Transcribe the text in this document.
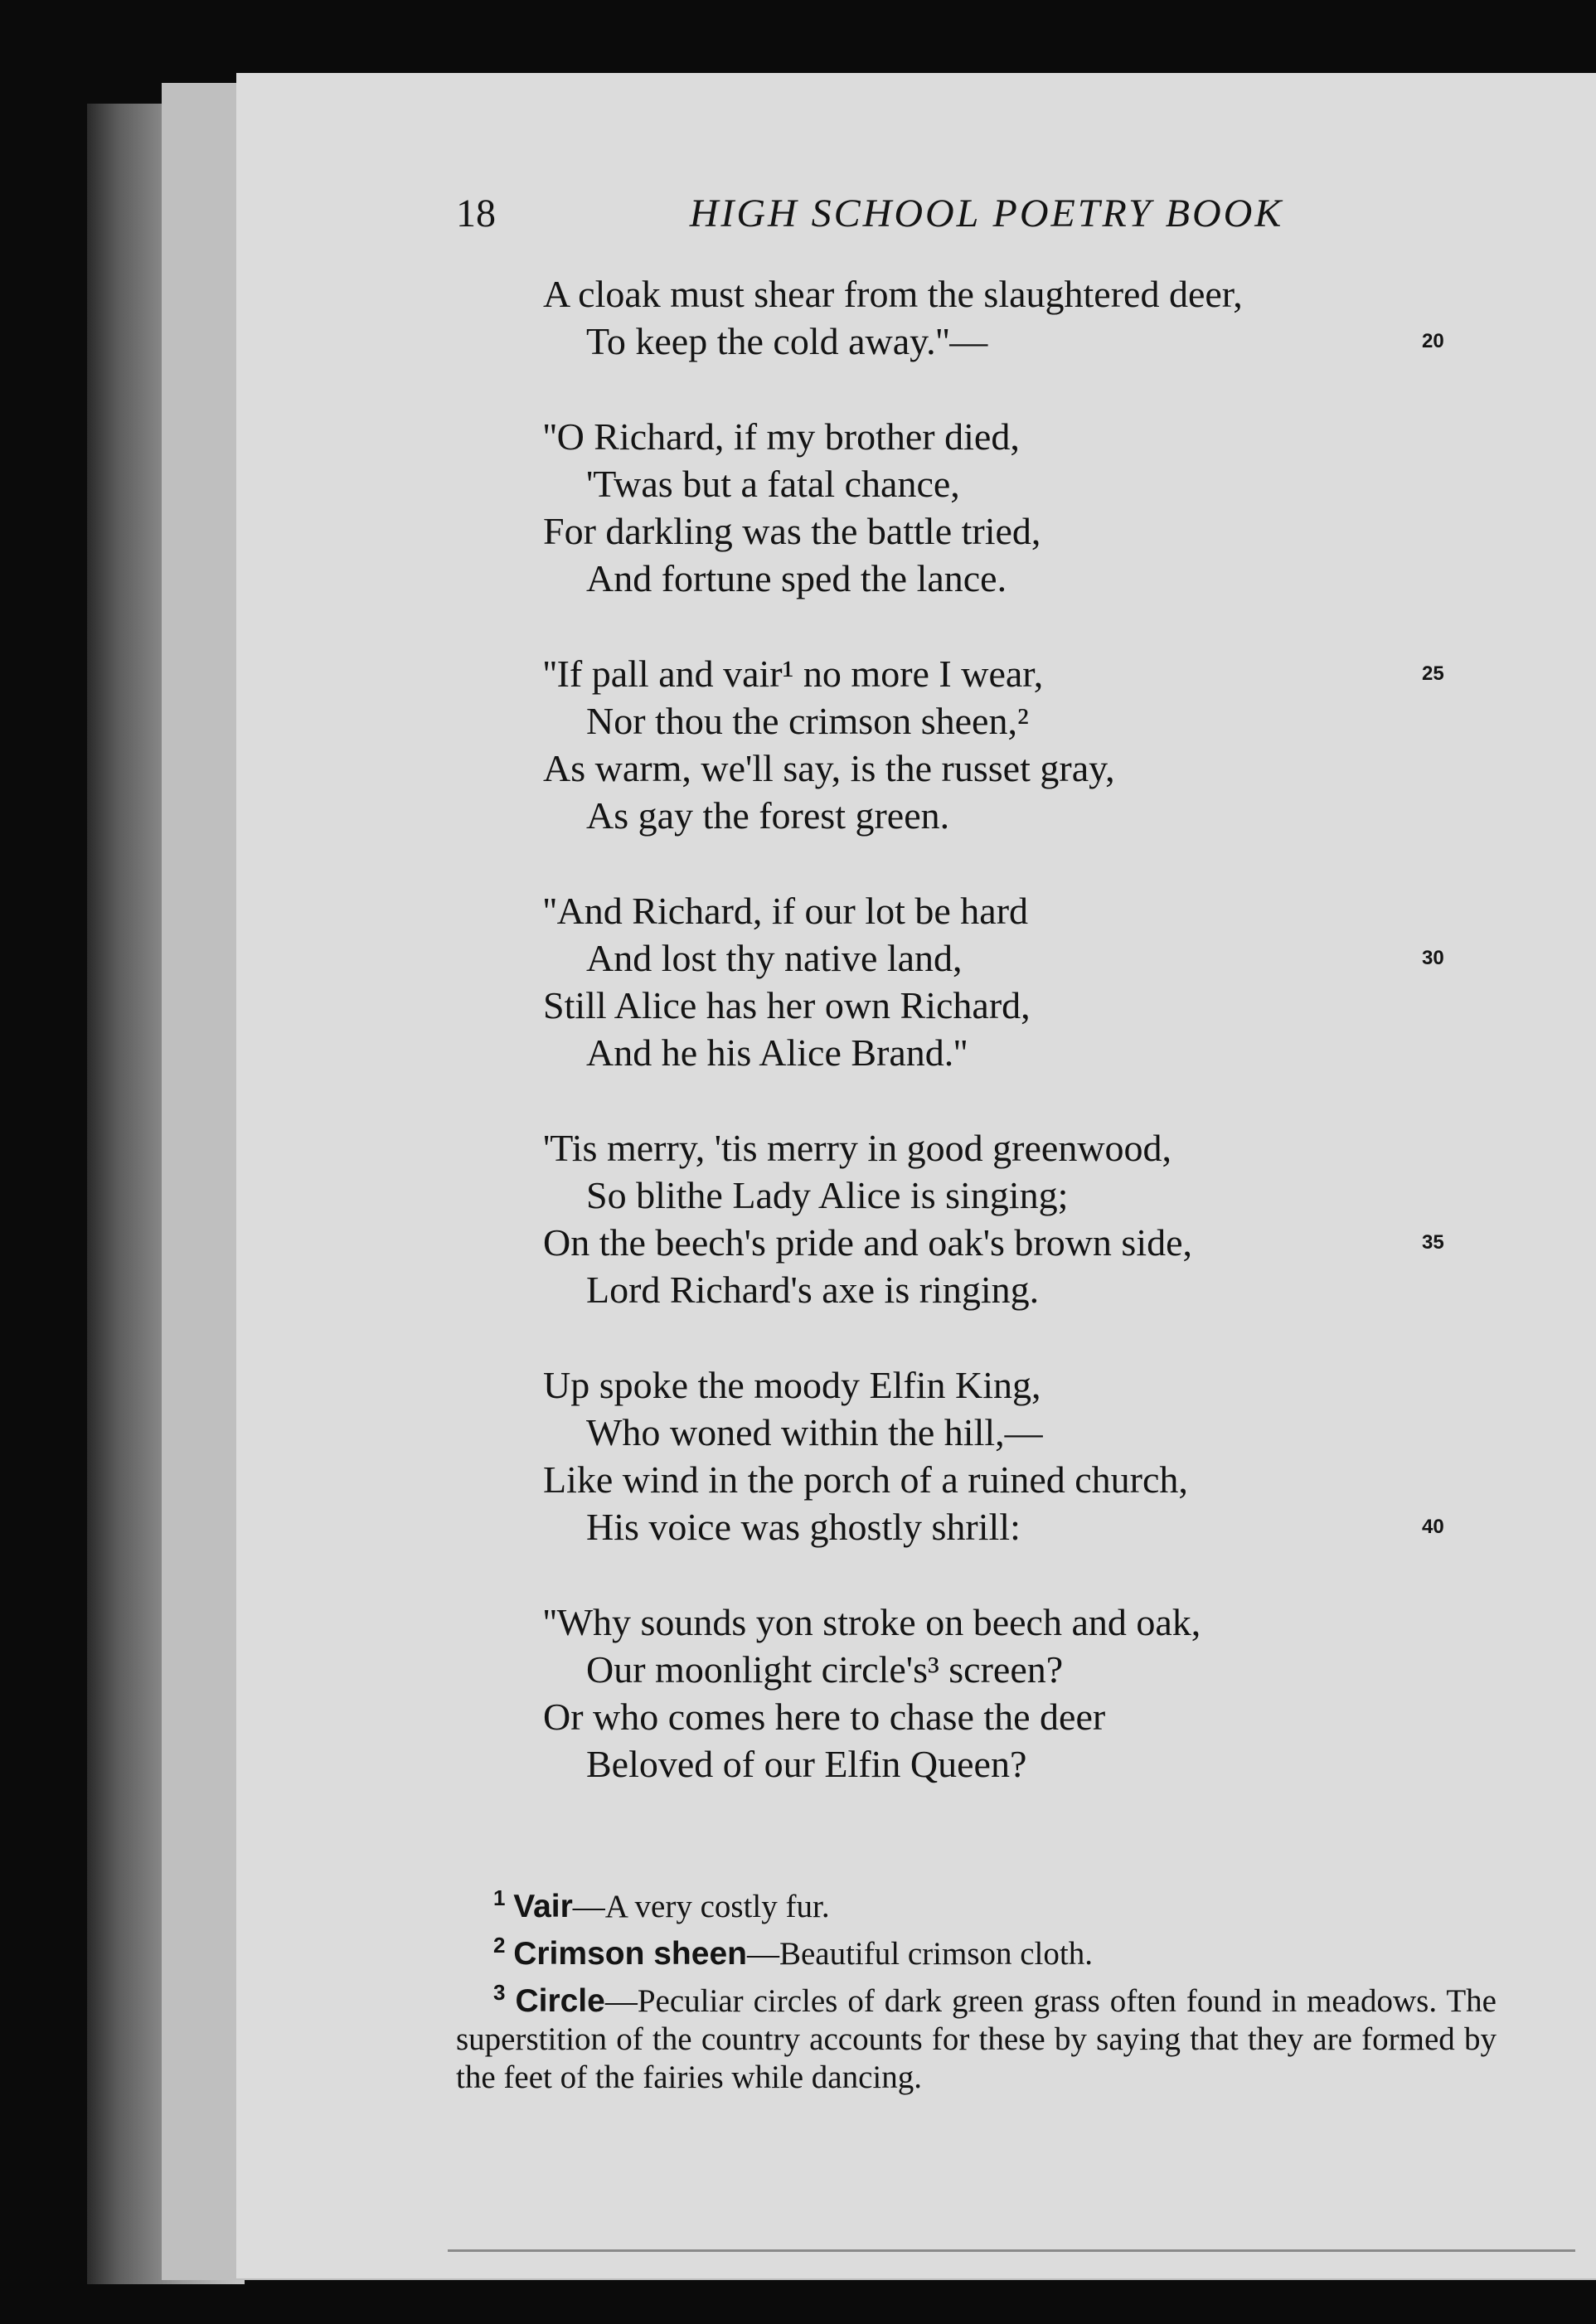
18	HIGH SCHOOL POETRY BOOK
A cloak must shear from the slaughtered deer,
To keep the cold away.''—	20
''O Richard, if my brother died,
'Twas but a fatal chance,
For darkling was the battle tried,
And fortune sped the lance.
''If pall and vair¹ no more I wear,	25
Nor thou the crimson sheen,²
As warm, we'll say, is the russet gray,
As gay the forest green.
''And Richard, if our lot be hard
And lost thy native land,	30
Still Alice has her own Richard,
And he his Alice Brand.''
'Tis merry, 'tis merry in good greenwood,
So blithe Lady Alice is singing;
On the beech's pride and oak's brown side,	35
Lord Richard's axe is ringing.
Up spoke the moody Elfin King,
Who woned within the hill,—
Like wind in the porch of a ruined church,
His voice was ghostly shrill:	40
''Why sounds yon stroke on beech and oak,
Our moonlight circle's³ screen?
Or who comes here to chase the deer
Beloved of our Elfin Queen?

$^1$ Vair—A very costly fur.

$^2$ Crimson sheen—Beautiful crimson cloth.

$^3$ Circle—Peculiar circles of dark green grass often found in meadows. The superstition of the country accounts for these by saying that they are formed by the feet of the fairies while dancing.
